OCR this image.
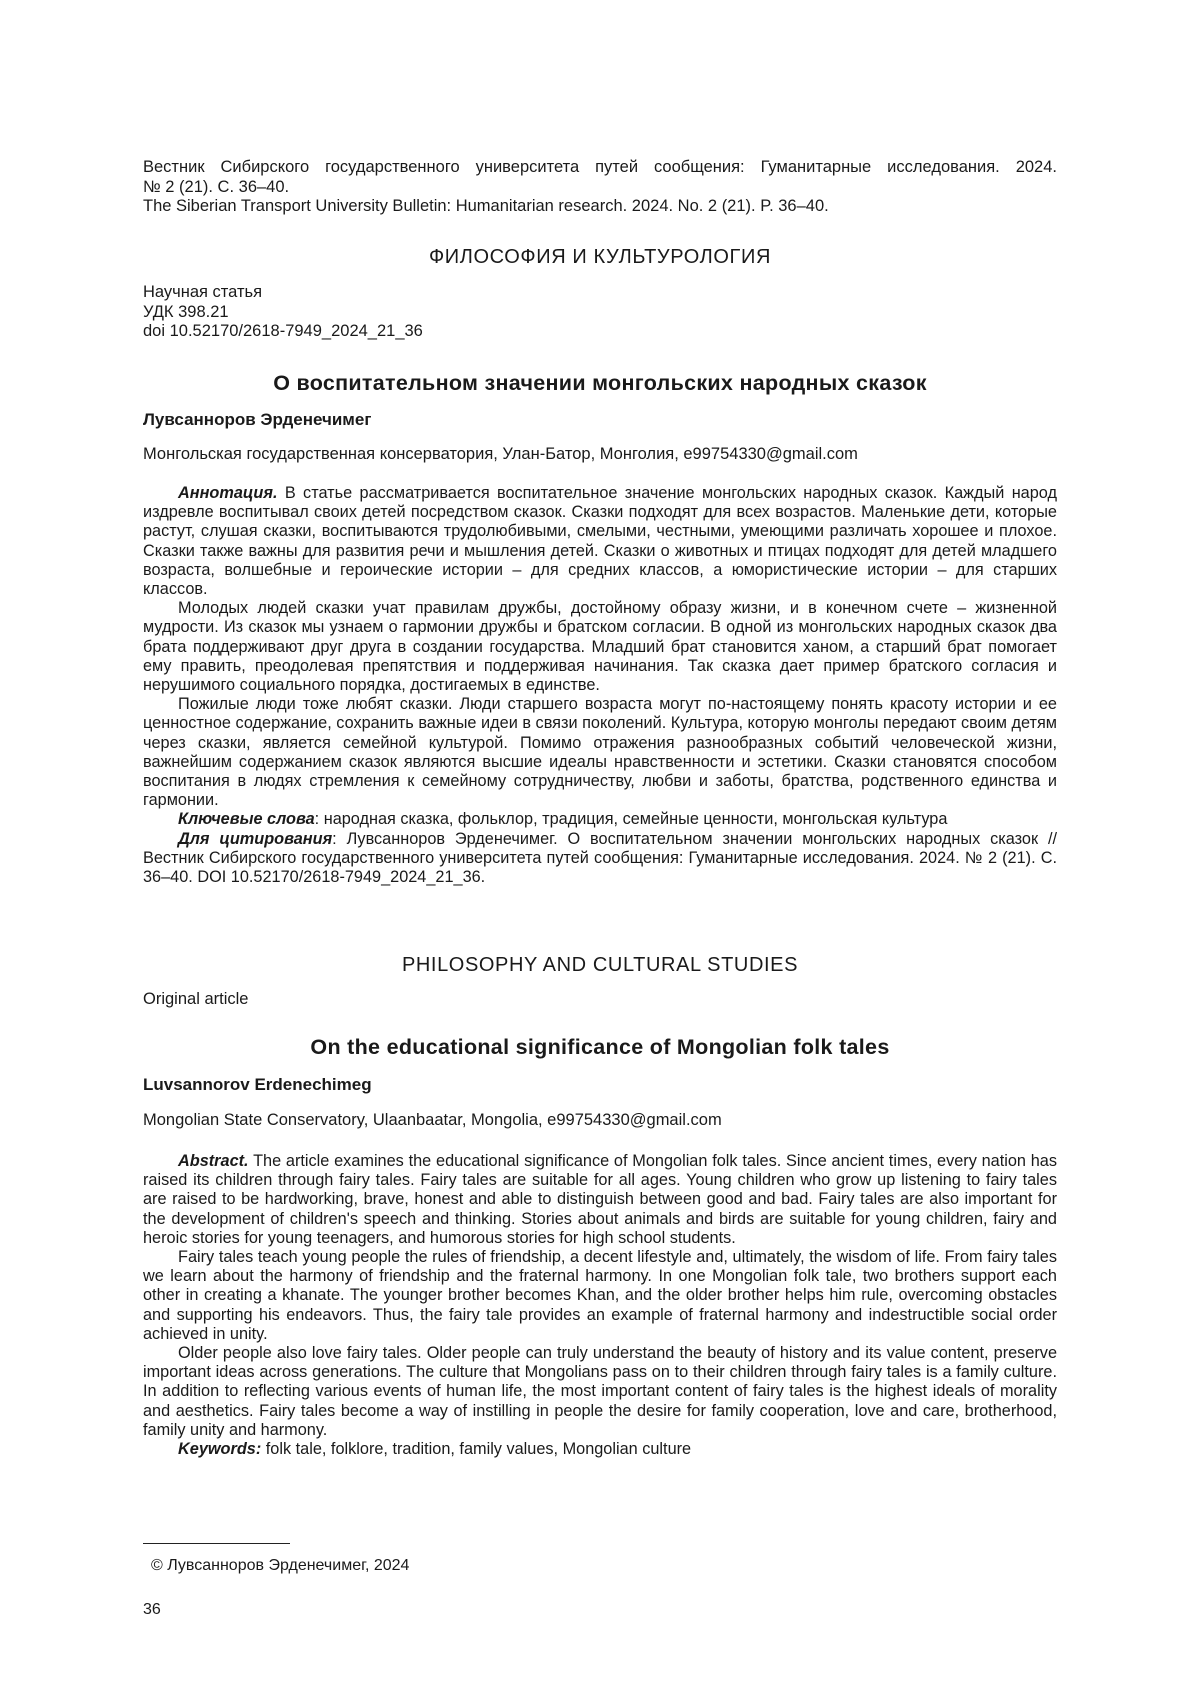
Вестник Сибирского государственного университета путей сообщения: Гуманитарные исследования. 2024.
№ 2 (21). С. 36–40.
The Siberian Transport University Bulletin: Humanitarian research. 2024. No. 2 (21). P. 36–40.
ФИЛОСОФИЯ И КУЛЬТУРОЛОГИЯ
Научная статья
УДК 398.21
doi 10.52170/2618-7949_2024_21_36
О воспитательном значении монгольских народных сказок
Лувсанноров Эрденечимег
Монгольская государственная консерватория, Улан-Батор, Монголия, e99754330@gmail.com

Аннотация. В статье рассматривается воспитательное значение монгольских народных сказок. Каждый народ издревле воспитывал своих детей посредством сказок. Сказки подходят для всех возрастов. Маленькие дети, которые растут, слушая сказки, воспитываются трудолюбивыми, смелыми, честными, умеющими различать хорошее и плохое. Сказки также важны для развития речи и мышления детей. Сказки о животных и птицах подходят для детей младшего возраста, волшебные и героические истории – для средних классов, а юмористические истории – для старших классов.

Молодых людей сказки учат правилам дружбы, достойному образу жизни, и в конечном счете – жизненной мудрости. Из сказок мы узнаем о гармонии дружбы и братском согласии. В одной из монгольских народных сказок два брата поддерживают друг друга в создании государства. Младший брат становится ханом, а старший брат помогает ему править, преодолевая препятствия и поддерживая начинания. Так сказка дает пример братского согласия и нерушимого социального порядка, достигаемых в единстве.

Пожилые люди тоже любят сказки. Люди старшего возраста могут по-настоящему понять красоту истории и ее ценностное содержание, сохранить важные идеи в связи поколений. Культура, которую монголы передают своим детям через сказки, является семейной культурой. Помимо отражения разнообразных событий человеческой жизни, важнейшим содержанием сказок являются высшие идеалы нравственности и эстетики. Сказки становятся способом воспитания в людях стремления к семейному сотрудничеству, любви и заботы, братства, родственного единства и гармонии.

Ключевые слова: народная сказка, фольклор, традиция, семейные ценности, монгольская культура

Для цитирования: Лувсанноров Эрденечимег. О воспитательном значении монгольских народных сказок // Вестник Сибирского государственного университета путей сообщения: Гуманитарные исследования. 2024. № 2 (21). С. 36–40. DOI 10.52170/2618-7949_2024_21_36.

PHILOSOPHY AND CULTURAL STUDIES
Original article
On the educational significance of Mongolian folk tales
Luvsannorov Erdenechimeg
Mongolian State Conservatory, Ulaanbaatar, Mongolia, e99754330@gmail.com

Abstract. The article examines the educational significance of Mongolian folk tales. Since ancient times, every nation has raised its children through fairy tales. Fairy tales are suitable for all ages. Young children who grow up listening to fairy tales are raised to be hardworking, brave, honest and able to distinguish between good and bad. Fairy tales are also important for the development of children's speech and thinking. Stories about animals and birds are suitable for young children, fairy and heroic stories for young teenagers, and humorous stories for high school students.

Fairy tales teach young people the rules of friendship, a decent lifestyle and, ultimately, the wisdom of life. From fairy tales we learn about the harmony of friendship and the fraternal harmony. In one Mongolian folk tale, two brothers support each other in creating a khanate. The younger brother becomes Khan, and the older brother helps him rule, overcoming obstacles and supporting his endeavors. Thus, the fairy tale provides an example of fraternal harmony and indestructible social order achieved in unity.

Older people also love fairy tales. Older people can truly understand the beauty of history and its value content, preserve important ideas across generations. The culture that Mongolians pass on to their children through fairy tales is a family culture. In addition to reflecting various events of human life, the most important content of fairy tales is the highest ideals of morality and aesthetics. Fairy tales become a way of instilling in people the desire for family cooperation, love and care, brotherhood, family unity and harmony.

Keywords: folk tale, folklore, tradition, family values, Mongolian culture

© Лувсанноров Эрденечимег, 2024
36
